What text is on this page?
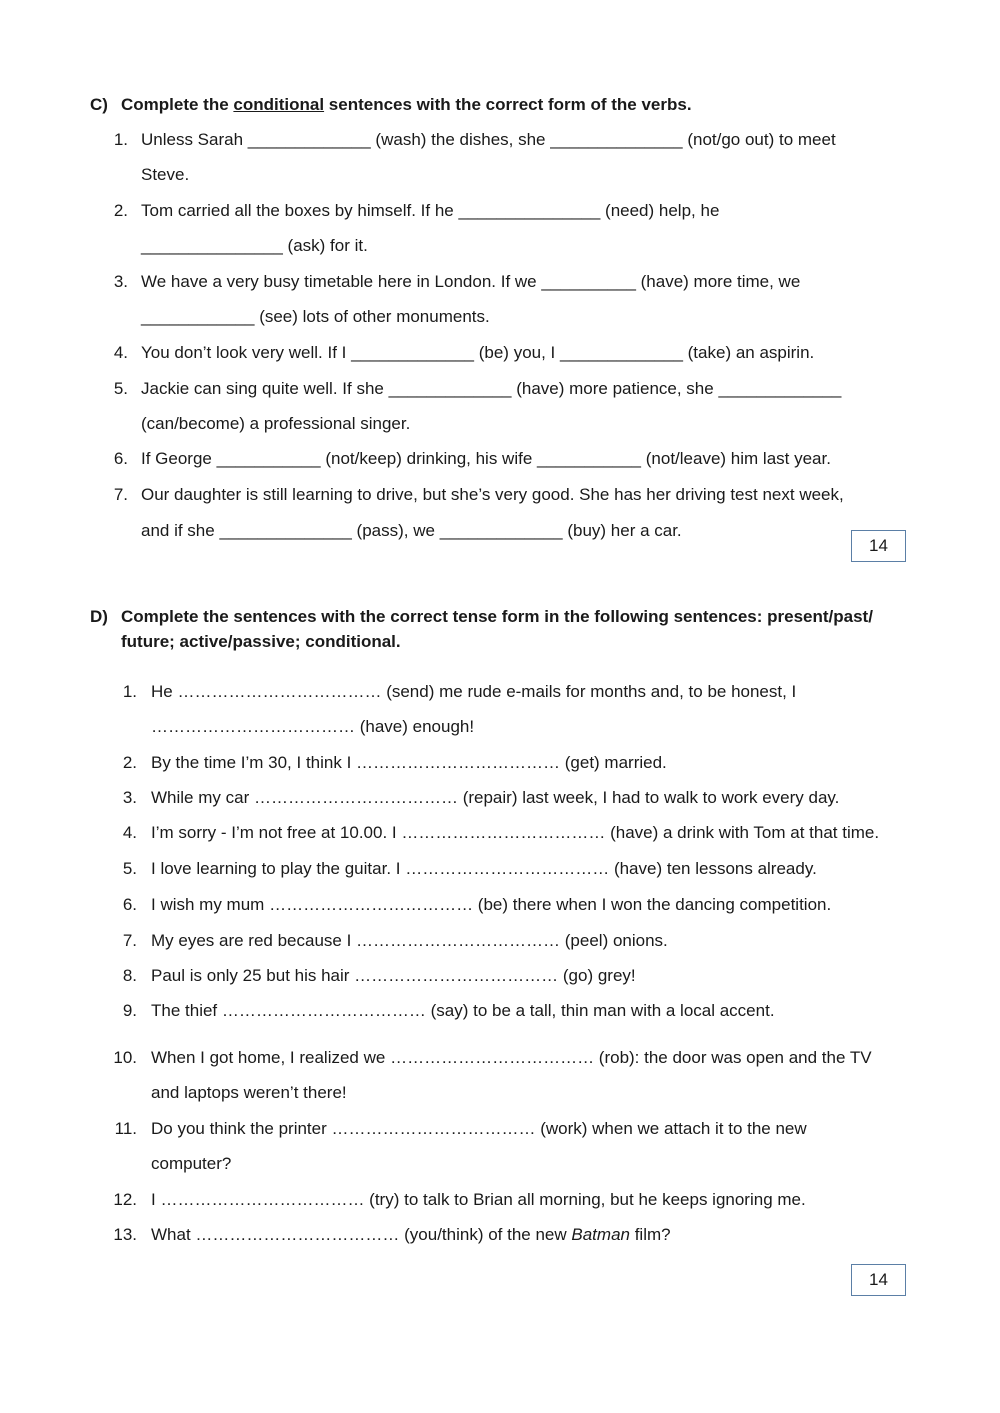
C) Complete the conditional sentences with the correct form of the verbs.
1. Unless Sarah _____________ (wash) the dishes, she ______________ (not/go out) to meet
Steve.
2. Tom carried all the boxes by himself. If he _______________ (need) help, he
_______________ (ask) for it.
3. We have a very busy timetable here in London. If we __________ (have) more time, we
____________ (see) lots of other monuments.
4. You don’t look very well. If I _____________ (be) you, I _____________ (take) an aspirin.
5. Jackie can sing quite well. If she _____________ (have) more patience, she _____________
(can/become) a professional singer.
6. If George ___________ (not/keep) drinking, his wife ___________ (not/leave) him last year.
7. Our daughter is still learning to drive, but she’s very good. She has her driving test next week,
and if she ______________ (pass), we _____________ (buy) her a car.
14
D) Complete the sentences with the correct tense form in the following sentences: present/past/
future; active/passive; conditional.
1. He ……………………………… (send) me rude e-mails for months and, to be honest, I
……………………………… (have) enough!
2. By the time I’m 30, I think I ……………………………… (get) married.
3. While my car ……………………………… (repair) last week, I had to walk to work every day.
4. I’m sorry - I’m not free at 10.00. I ……………………………… (have) a drink with Tom at that time.
5. I love learning to play the guitar. I ……………………………… (have) ten lessons already.
6. I wish my mum ……………………………… (be) there when I won the dancing competition.
7. My eyes are red because I ……………………………… (peel) onions.
8. Paul is only 25 but his hair ……………………………… (go) grey!
9. The thief ……………………………… (say) to be a tall, thin man with a local accent.
10. When I got home, I realized we ……………………………… (rob): the door was open and the TV
and laptops weren’t there!
11. Do you think the printer ……………………………… (work) when we attach it to the new
computer?
12. I ……………………………… (try) to talk to Brian all morning, but he keeps ignoring me.
13. What ……………………………… (you/think) of the new Batman film?
14
